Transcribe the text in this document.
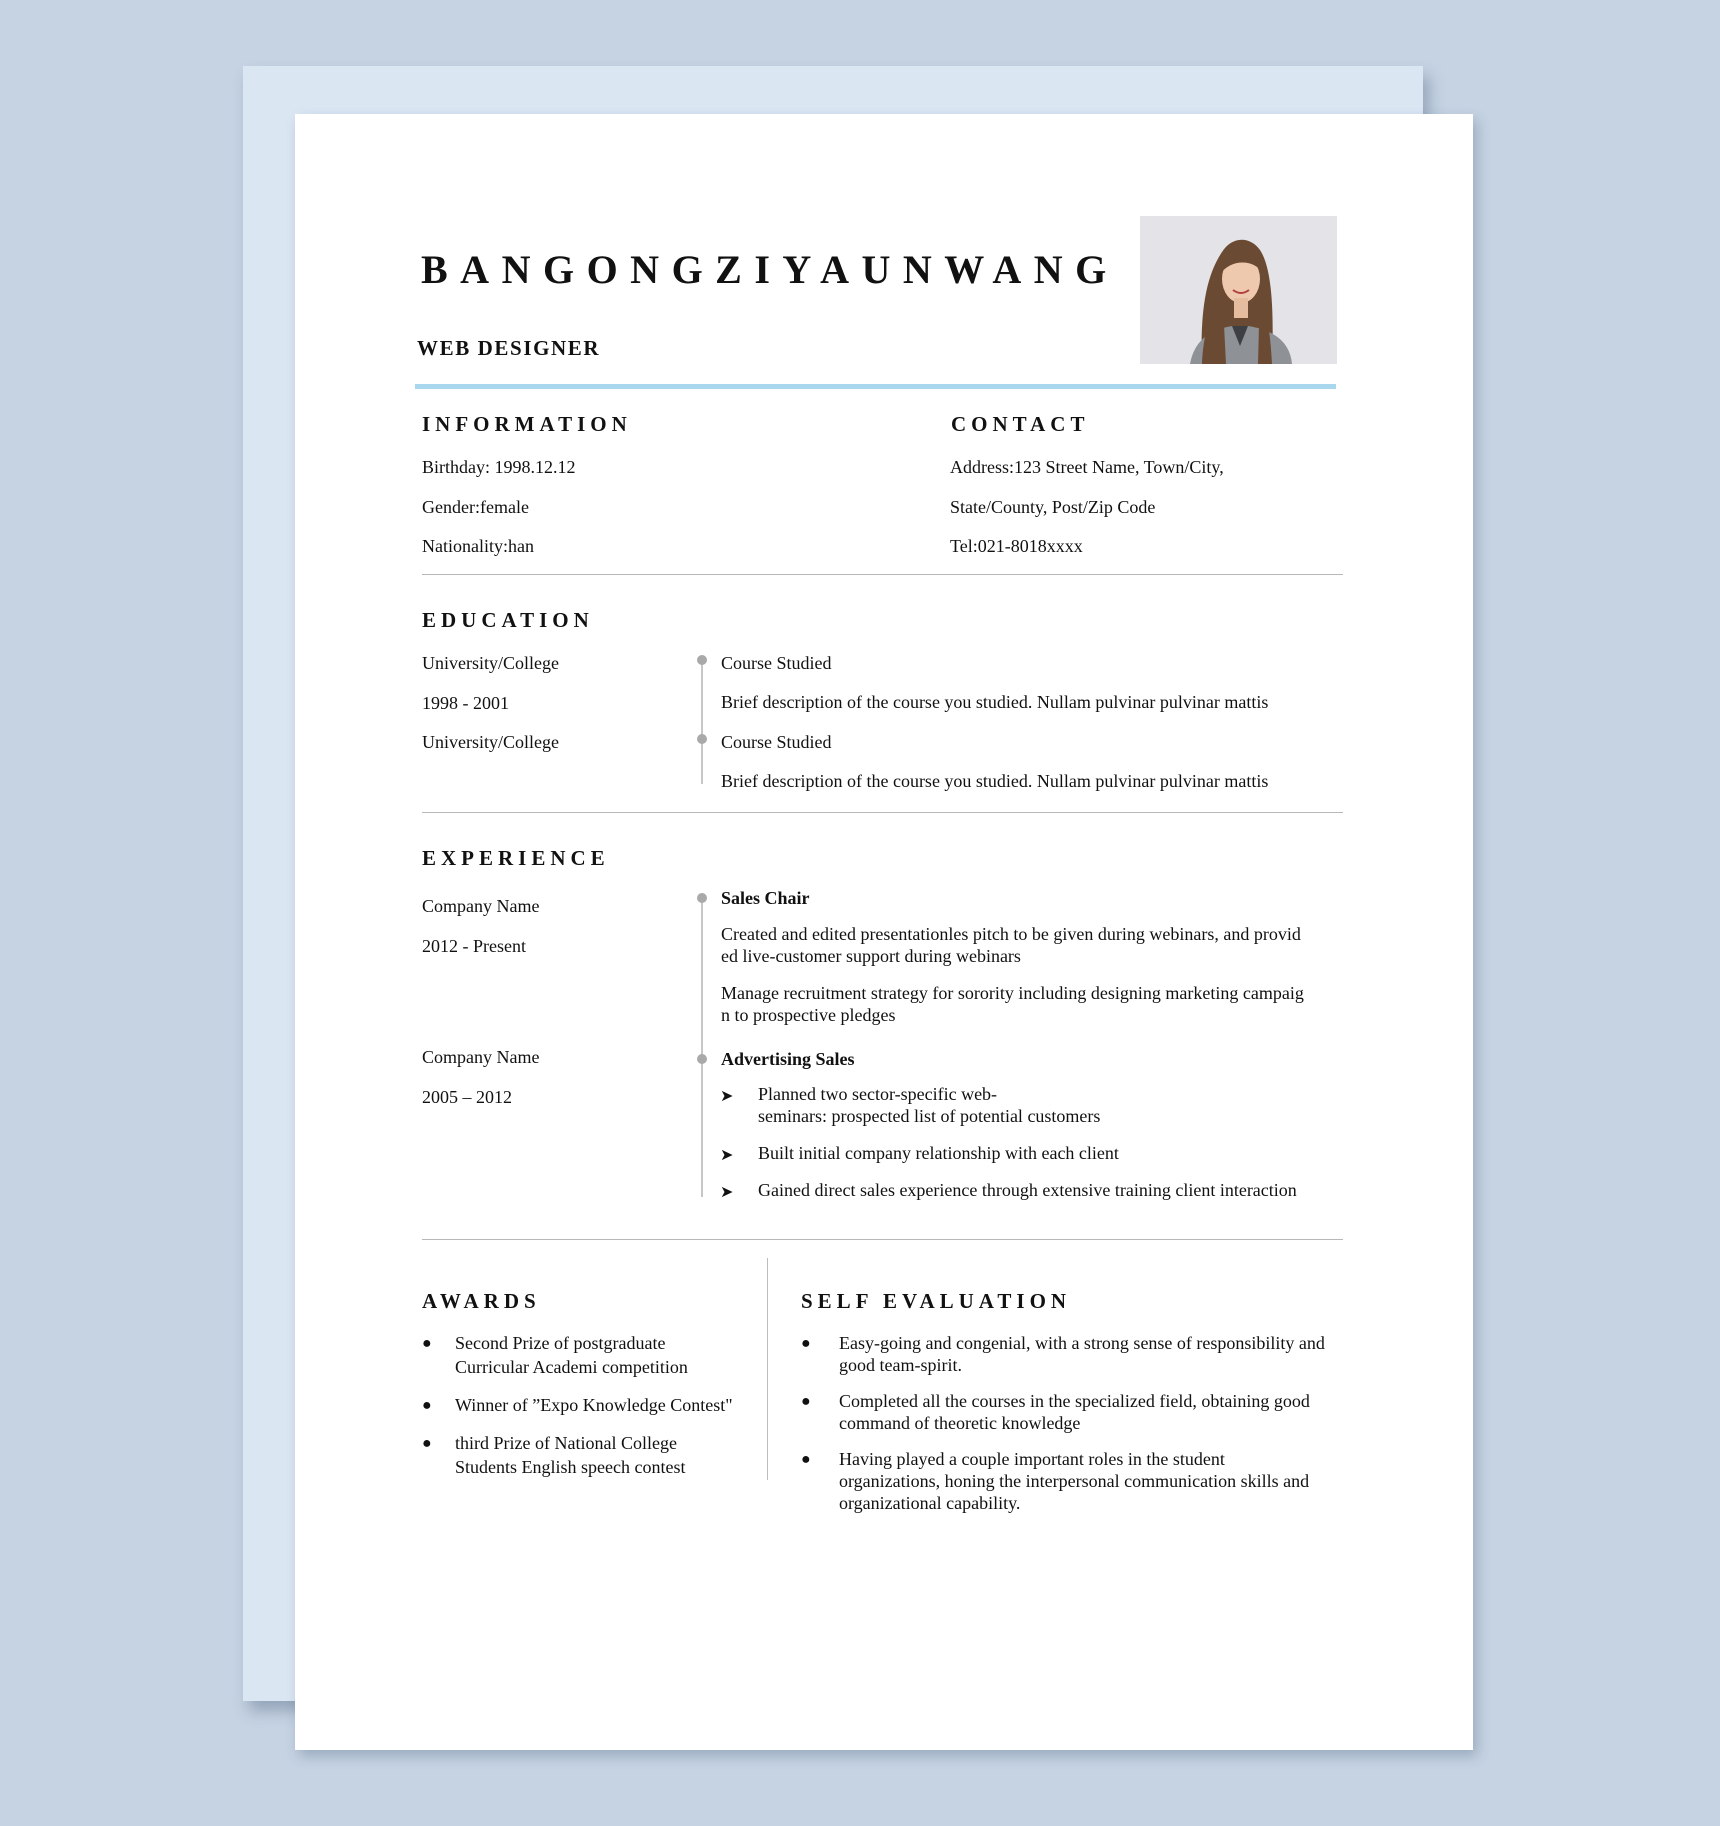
BANGONGZIYAUNWANG
WEB DESIGNER
INFORMATION
Birthday: 1998.12.12
Gender:female
Nationality:han
CONTACT
Address:123 Street Name, Town/City,
State/County, Post/Zip Code
Tel:021-8018xxxx
EDUCATION
University/College
1998 - 2001
University/College
Course Studied
Brief description of the course you studied. Nullam pulvinar pulvinar mattis
Course Studied
Brief description of the course you studied. Nullam pulvinar pulvinar mattis
EXPERIENCE
Company Name
2012 - Present
Company Name
2005 – 2012
Sales Chair
Created and edited presentationles pitch to be given during webinars, and provid
ed live-customer support during webinars
Manage recruitment strategy for sorority including designing marketing campaig
n to prospective pledges
Advertising Sales
➤ Planned two sector-specific web-
seminars: prospected list of potential customers
➤ Built initial company relationship with each client
➤ Gained direct sales experience through extensive training client interaction
AWARDS
● Second Prize of postgraduate
Curricular Academi competition
● Winner of ”Expo Knowledge Contest"
● third Prize of National College
Students English speech contest
SELF EVALUATION
● Easy-going and congenial, with a strong sense of responsibility and
good team-spirit.
● Completed all the courses in the specialized field, obtaining good
command of theoretic knowledge
● Having played a couple important roles in the student
organizations, honing the interpersonal communication skills and
organizational capability.
